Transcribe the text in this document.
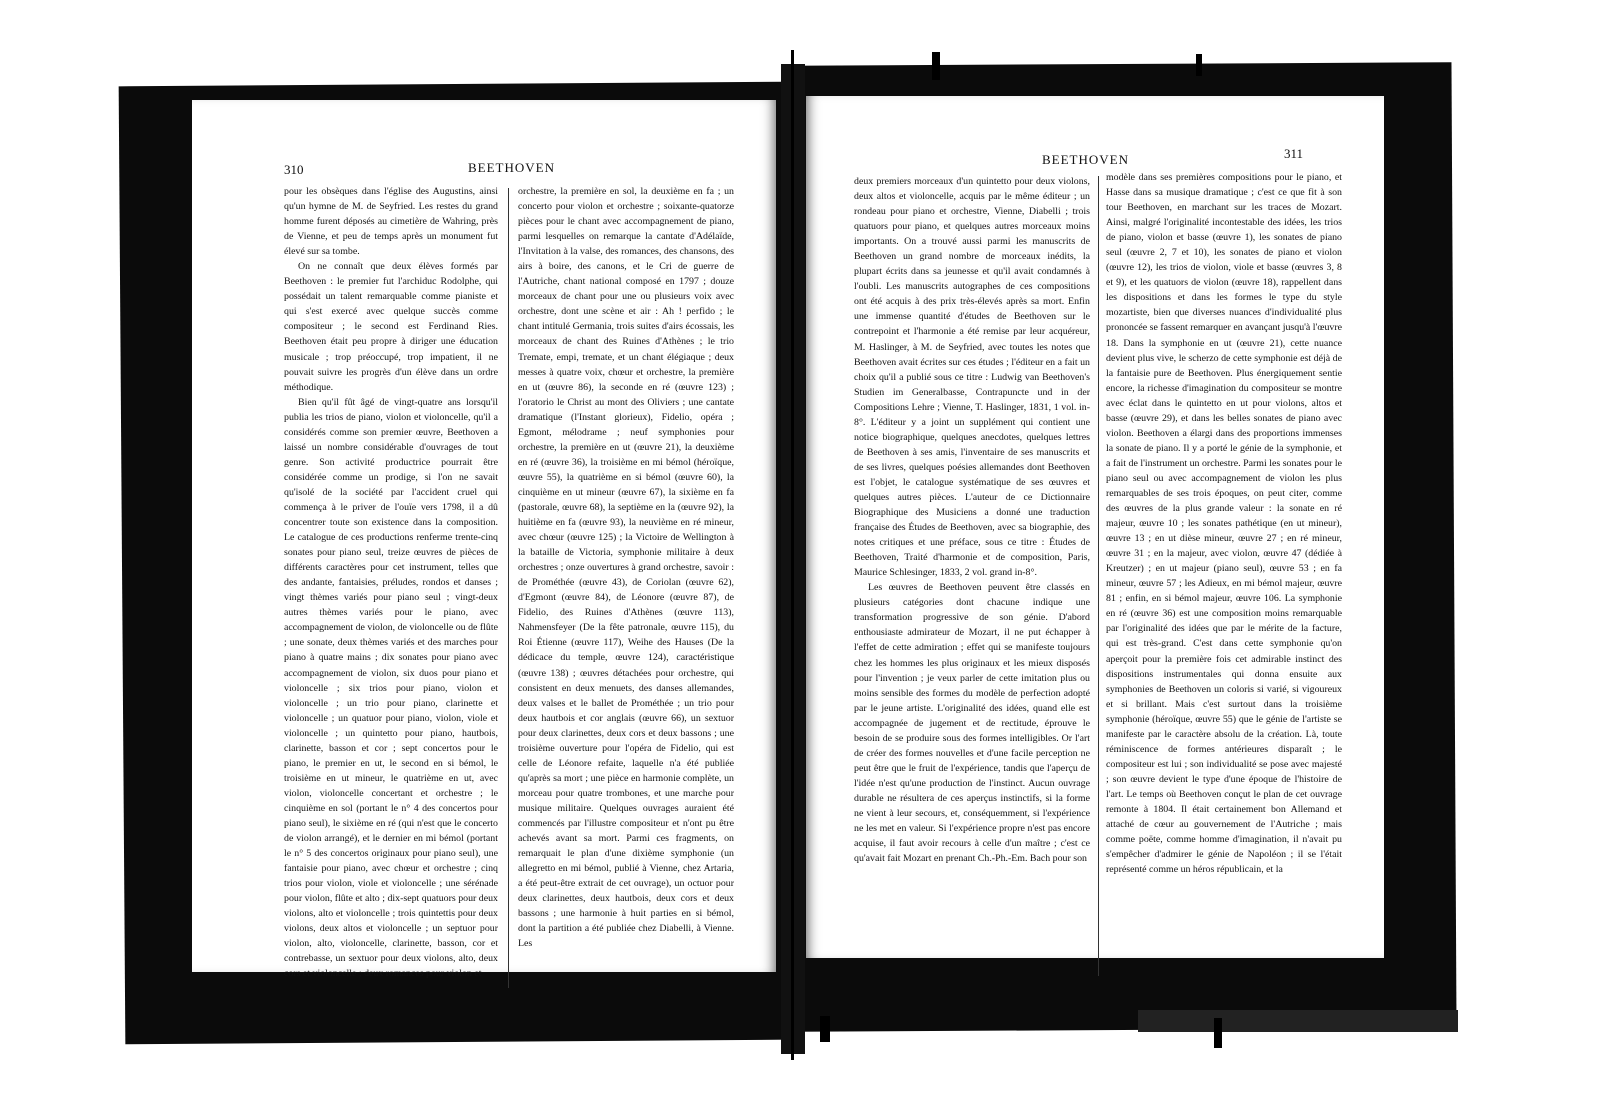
310	BEETHOVEN

pour les obsèques dans l'église des Augustins, ainsi qu'un hymne de M. de Seyfried. Les restes du grand homme furent déposés au cimetière de Wahring, près de Vienne, et peu de temps après un monument fut élevé sur sa tombe.

On ne connaît que deux élèves formés par Beethoven : le premier fut l'archiduc Rodolphe, qui possédait un talent remarquable comme pianiste et qui s'est exercé avec quelque succès comme compositeur ; le second est Ferdinand Ries. Beethoven était peu propre à diriger une éducation musicale ; trop préoccupé, trop impatient, il ne pouvait suivre les progrès d'un élève dans un ordre méthodique.

Bien qu'il fût âgé de vingt-quatre ans lorsqu'il publia les trios de piano, violon et violoncelle, qu'il a considérés comme son premier œuvre, Beethoven a laissé un nombre considérable d'ouvrages de tout genre. Son activité productrice pourrait être considérée comme un prodige, si l'on ne savait qu'isolé de la société par l'accident cruel qui commença à le priver de l'ouïe vers 1798, il a dû concentrer toute son existence dans la composition. Le catalogue de ces productions renferme trente-cinq sonates pour piano seul, treize œuvres de pièces de différents caractères pour cet instrument, telles que des andante, fantaisies, préludes, rondos et danses ; vingt thèmes variés pour piano seul ; vingt-deux autres thèmes variés pour le piano, avec accompagnement de violon, de violoncelle ou de flûte ; une sonate, deux thèmes variés et des marches pour piano à quatre mains ; dix sonates pour piano avec accompagnement de violon, six duos pour piano et violoncelle ; six trios pour piano, violon et violoncelle ; un trio pour piano, clarinette et violoncelle ; un quatuor pour piano, violon, viole et violoncelle ; un quintetto pour piano, hautbois, clarinette, basson et cor ; sept concertos pour le piano, le premier en ut, le second en si bémol, le troisième en ut mineur, le quatrième en ut, avec violon, violoncelle concertant et orchestre ; le cinquième en sol (portant le n° 4 des concertos pour piano seul), le sixième en ré (qui n'est que le concerto de violon arrangé), et le dernier en mi bémol (portant le n° 5 des concertos originaux pour piano seul), une fantaisie pour piano, avec chœur et orchestre ; cinq trios pour violon, viole et violoncelle ; une sérénade pour violon, flûte et alto ; dix-sept quatuors pour deux violons, alto et violoncelle ; trois quintettis pour deux violons, deux altos et violoncelle ; un septuor pour violon, alto, violoncelle, clarinette, basson, cor et contrebasse, un sextuor pour deux violons, alto, deux cors et violoncelle ; deux romances pour violon et

orchestre, la première en sol, la deuxième en fa ; un concerto pour violon et orchestre ; soixante-quatorze pièces pour le chant avec accompagnement de piano, parmi lesquelles on remarque la cantate d'Adélaïde, l'Invitation à la valse, des romances, des chansons, des airs à boire, des canons, et le Cri de guerre de l'Autriche, chant national composé en 1797 ; douze morceaux de chant pour une ou plusieurs voix avec orchestre, dont une scène et air : Ah ! perfido ; le chant intitulé Germania, trois suites d'airs écossais, les morceaux de chant des Ruines d'Athènes ; le trio Tremate, empi, tremate, et un chant élégiaque ; deux messes à quatre voix, chœur et orchestre, la première en ut (œuvre 86), la seconde en ré (œuvre 123) ; l'oratorio le Christ au mont des Oliviers ; une cantate dramatique (l'Instant glorieux), Fidelio, opéra ; Egmont, mélodrame ; neuf symphonies pour orchestre, la première en ut (œuvre 21), la deuxième en ré (œuvre 36), la troisième en mi bémol (héroïque, œuvre 55), la quatrième en si bémol (œuvre 60), la cinquième en ut mineur (œuvre 67), la sixième en fa (pastorale, œuvre 68), la septième en la (œuvre 92), la huitième en fa (œuvre 93), la neuvième en ré mineur, avec chœur (œuvre 125) ; la Victoire de Wellington à la bataille de Victoria, symphonie militaire à deux orchestres ; onze ouvertures à grand orchestre, savoir : de Prométhée (œuvre 43), de Coriolan (œuvre 62), d'Egmont (œuvre 84), de Léonore (œuvre 87), de Fidelio, des Ruines d'Athènes (œuvre 113), Nahmensfeyer (De la fête patronale, œuvre 115), du Roi Étienne (œuvre 117), Weihe des Hauses (De la dédicace du temple, œuvre 124), caractéristique (œuvre 138) ; œuvres détachées pour orchestre, qui consistent en deux menuets, des danses allemandes, deux valses et le ballet de Prométhée ; un trio pour deux hautbois et cor anglais (œuvre 66), un sextuor pour deux clarinettes, deux cors et deux bassons ; une troisième ouverture pour l'opéra de Fidelio, qui est celle de Léonore refaite, laquelle n'a été publiée qu'après sa mort ; une pièce en harmonie complète, un morceau pour quatre trombones, et une marche pour musique militaire. Quelques ouvrages auraient été commencés par l'illustre compositeur et n'ont pu être achevés avant sa mort. Parmi ces fragments, on remarquait le plan d'une dixième symphonie (un allegretto en mi bémol, publié à Vienne, chez Artaria, a été peut-être extrait de cet ouvrage), un octuor pour deux clarinettes, deux hautbois, deux cors et deux bassons ; une harmonie à huit parties en si bémol, dont la partition a été publiée chez Diabelli, à Vienne. Les

BEETHOVEN	311

deux premiers morceaux d'un quintetto pour deux violons, deux altos et violoncelle, acquis par le même éditeur ; un rondeau pour piano et orchestre, Vienne, Diabelli ; trois quatuors pour piano, et quelques autres morceaux moins importants. On a trouvé aussi parmi les manuscrits de Beethoven un grand nombre de morceaux inédits, la plupart écrits dans sa jeunesse et qu'il avait condamnés à l'oubli. Les manuscrits autographes de ces compositions ont été acquis à des prix très-élevés après sa mort. Enfin une immense quantité d'études de Beethoven sur le contrepoint et l'harmonie a été remise par leur acquéreur, M. Haslinger, à M. de Seyfried, avec toutes les notes que Beethoven avait écrites sur ces études ; l'éditeur en a fait un choix qu'il a publié sous ce titre : Ludwig van Beethoven's Studien im Generalbasse, Contrapuncte und in der Compositions Lehre ; Vienne, T. Haslinger, 1831, 1 vol. in-8°. L'éditeur y a joint un supplément qui contient une notice biographique, quelques anecdotes, quelques lettres de Beethoven à ses amis, l'inventaire de ses manuscrits et de ses livres, quelques poésies allemandes dont Beethoven est l'objet, le catalogue systématique de ses œuvres et quelques autres pièces. L'auteur de ce Dictionnaire Biographique des Musiciens a donné une traduction française des Études de Beethoven, avec sa biographie, des notes critiques et une préface, sous ce titre : Études de Beethoven, Traité d'harmonie et de composition, Paris, Maurice Schlesinger, 1833, 2 vol. grand in-8°.

Les œuvres de Beethoven peuvent être classés en plusieurs catégories dont chacune indique une transformation progressive de son génie. D'abord enthousiaste admirateur de Mozart, il ne put échapper à l'effet de cette admiration ; effet qui se manifeste toujours chez les hommes les plus originaux et les mieux disposés pour l'invention ; je veux parler de cette imitation plus ou moins sensible des formes du modèle de perfection adopté par le jeune artiste. L'originalité des idées, quand elle est accompagnée de jugement et de rectitude, éprouve le besoin de se produire sous des formes intelligibles. Or l'art de créer des formes nouvelles et d'une facile perception ne peut être que le fruit de l'expérience, tandis que l'aperçu de l'idée n'est qu'une production de l'instinct. Aucun ouvrage durable ne résultera de ces aperçus instinctifs, si la forme ne vient à leur secours, et, conséquemment, si l'expérience ne les met en valeur. Si l'expérience propre n'est pas encore acquise, il faut avoir recours à celle d'un maître ; c'est ce qu'avait fait Mozart en prenant Ch.-Ph.-Em. Bach pour son

modèle dans ses premières compositions pour le piano, et Hasse dans sa musique dramatique ; c'est ce que fit à son tour Beethoven, en marchant sur les traces de Mozart. Ainsi, malgré l'originalité incontestable des idées, les trios de piano, violon et basse (œuvre 1), les sonates de piano seul (œuvre 2, 7 et 10), les sonates de piano et violon (œuvre 12), les trios de violon, viole et basse (œuvres 3, 8 et 9), et les quatuors de violon (œuvre 18), rappellent dans les dispositions et dans les formes le type du style mozartiste, bien que diverses nuances d'individualité plus prononcée se fassent remarquer en avançant jusqu'à l'œuvre 18. Dans la symphonie en ut (œuvre 21), cette nuance devient plus vive, le scherzo de cette symphonie est déjà de la fantaisie pure de Beethoven. Plus énergiquement sentie encore, la richesse d'imagination du compositeur se montre avec éclat dans le quintetto en ut pour violons, altos et basse (œuvre 29), et dans les belles sonates de piano avec violon. Beethoven a élargi dans des proportions immenses la sonate de piano. Il y a porté le génie de la symphonie, et a fait de l'instrument un orchestre. Parmi les sonates pour le piano seul ou avec accompagnement de violon les plus remarquables de ses trois époques, on peut citer, comme des œuvres de la plus grande valeur : la sonate en ré majeur, œuvre 10 ; les sonates pathétique (en ut mineur), œuvre 13 ; en ut dièse mineur, œuvre 27 ; en ré mineur, œuvre 31 ; en la majeur, avec violon, œuvre 47 (dédiée à Kreutzer) ; en ut majeur (piano seul), œuvre 53 ; en fa mineur, œuvre 57 ; les Adieux, en mi bémol majeur, œuvre 81 ; enfin, en si bémol majeur, œuvre 106. La symphonie en ré (œuvre 36) est une composition moins remarquable par l'originalité des idées que par le mérite de la facture, qui est très-grand. C'est dans cette symphonie qu'on aperçoit pour la première fois cet admirable instinct des dispositions instrumentales qui donna ensuite aux symphonies de Beethoven un coloris si varié, si vigoureux et si brillant. Mais c'est surtout dans la troisième symphonie (héroïque, œuvre 55) que le génie de l'artiste se manifeste par le caractère absolu de la création. Là, toute réminiscence de formes antérieures disparaît ; le compositeur est lui ; son individualité se pose avec majesté ; son œuvre devient le type d'une époque de l'histoire de l'art. Le temps où Beethoven conçut le plan de cet ouvrage remonte à 1804. Il était certainement bon Allemand et attaché de cœur au gouvernement de l'Autriche ; mais comme poëte, comme homme d'imagination, il n'avait pu s'empêcher d'admirer le génie de Napoléon ; il se l'était représenté comme un héros républicain, et la
